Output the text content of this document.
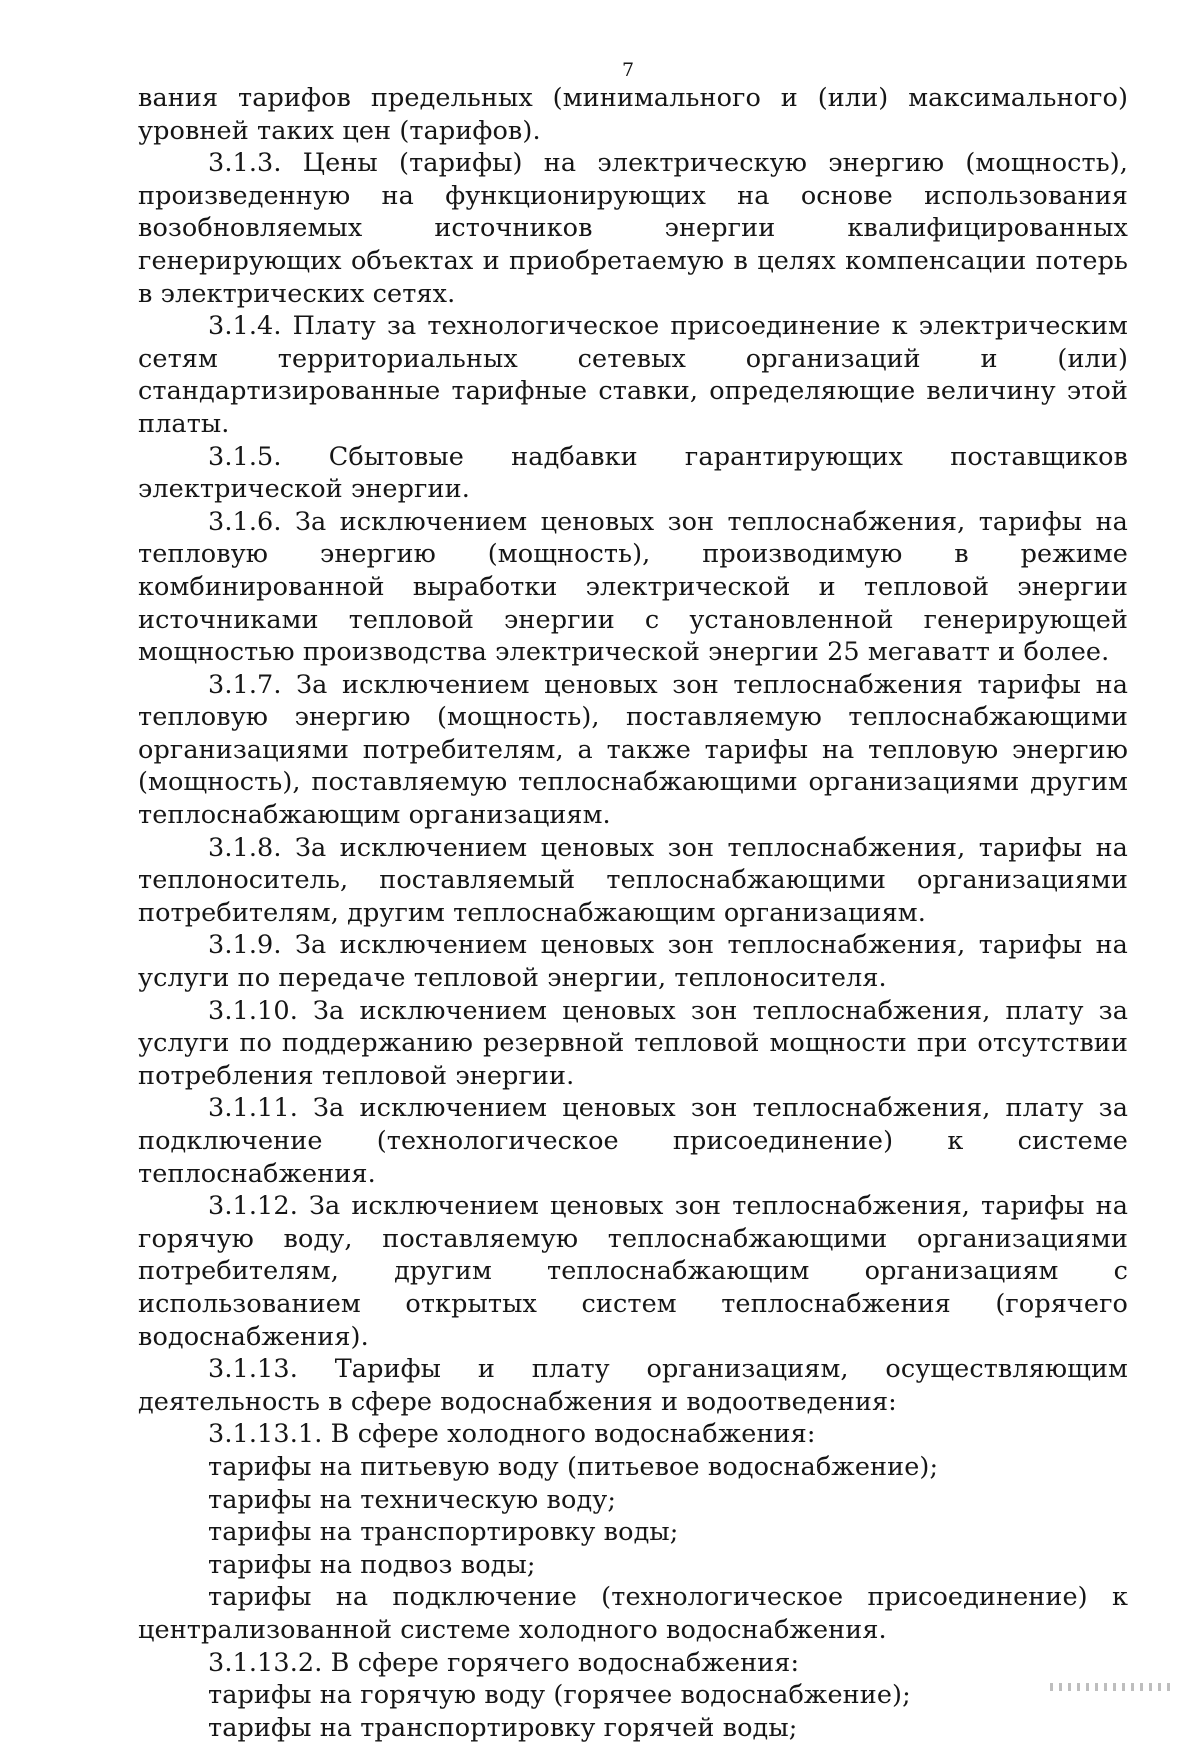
7

вания тарифов предельных (минимального и (или) максимального) уровней таких цен (тарифов).

3.1.3. Цены (тарифы) на электрическую энергию (мощность), произведенную на функционирующих на основе использования возобновляемых источников энергии квалифицированных генерирующих объектах и приобретаемую в целях компенсации потерь в электрических сетях.

3.1.4. Плату за технологическое присоединение к электрическим сетям территориальных сетевых организаций и (или) стандартизированные тарифные ставки, определяющие величину этой платы.

3.1.5. Сбытовые надбавки гарантирующих поставщиков электрической энергии.

3.1.6. За исключением ценовых зон теплоснабжения, тарифы на тепловую энергию (мощность), производимую в режиме комбинированной выработки электрической и тепловой энергии источниками тепловой энергии с установленной генерирующей мощностью производства электрической энергии 25 мегаватт и более.

3.1.7. За исключением ценовых зон теплоснабжения тарифы на тепловую энергию (мощность), поставляемую теплоснабжающими организациями потребителям, а также тарифы на тепловую энергию (мощность), поставляемую теплоснабжающими организациями другим теплоснабжающим организациям.

3.1.8. За исключением ценовых зон теплоснабжения, тарифы на теплоноситель, поставляемый теплоснабжающими организациями потребителям, другим теплоснабжающим организациям.

3.1.9. За исключением ценовых зон теплоснабжения, тарифы на услуги по передаче тепловой энергии, теплоносителя.

3.1.10. За исключением ценовых зон теплоснабжения, плату за услуги по поддержанию резервной тепловой мощности при отсутствии потребления тепловой энергии.

3.1.11. За исключением ценовых зон теплоснабжения, плату за подключение (технологическое присоединение) к системе теплоснабжения.

3.1.12. За исключением ценовых зон теплоснабжения, тарифы на горячую воду, поставляемую теплоснабжающими организациями потребителям, другим теплоснабжающим организациям с использованием открытых систем теплоснабжения (горячего водоснабжения).

3.1.13. Тарифы и плату организациям, осуществляющим деятельность в сфере водоснабжения и водоотведения:

3.1.13.1. В сфере холодного водоснабжения:

тарифы на питьевую воду (питьевое водоснабжение);

тарифы на техническую воду;

тарифы на транспортировку воды;

тарифы на подвоз воды;

тарифы на подключение (технологическое присоединение) к централизованной системе холодного водоснабжения.

3.1.13.2. В сфере горячего водоснабжения:

тарифы на горячую воду (горячее водоснабжение);

тарифы на транспортировку горячей воды;
